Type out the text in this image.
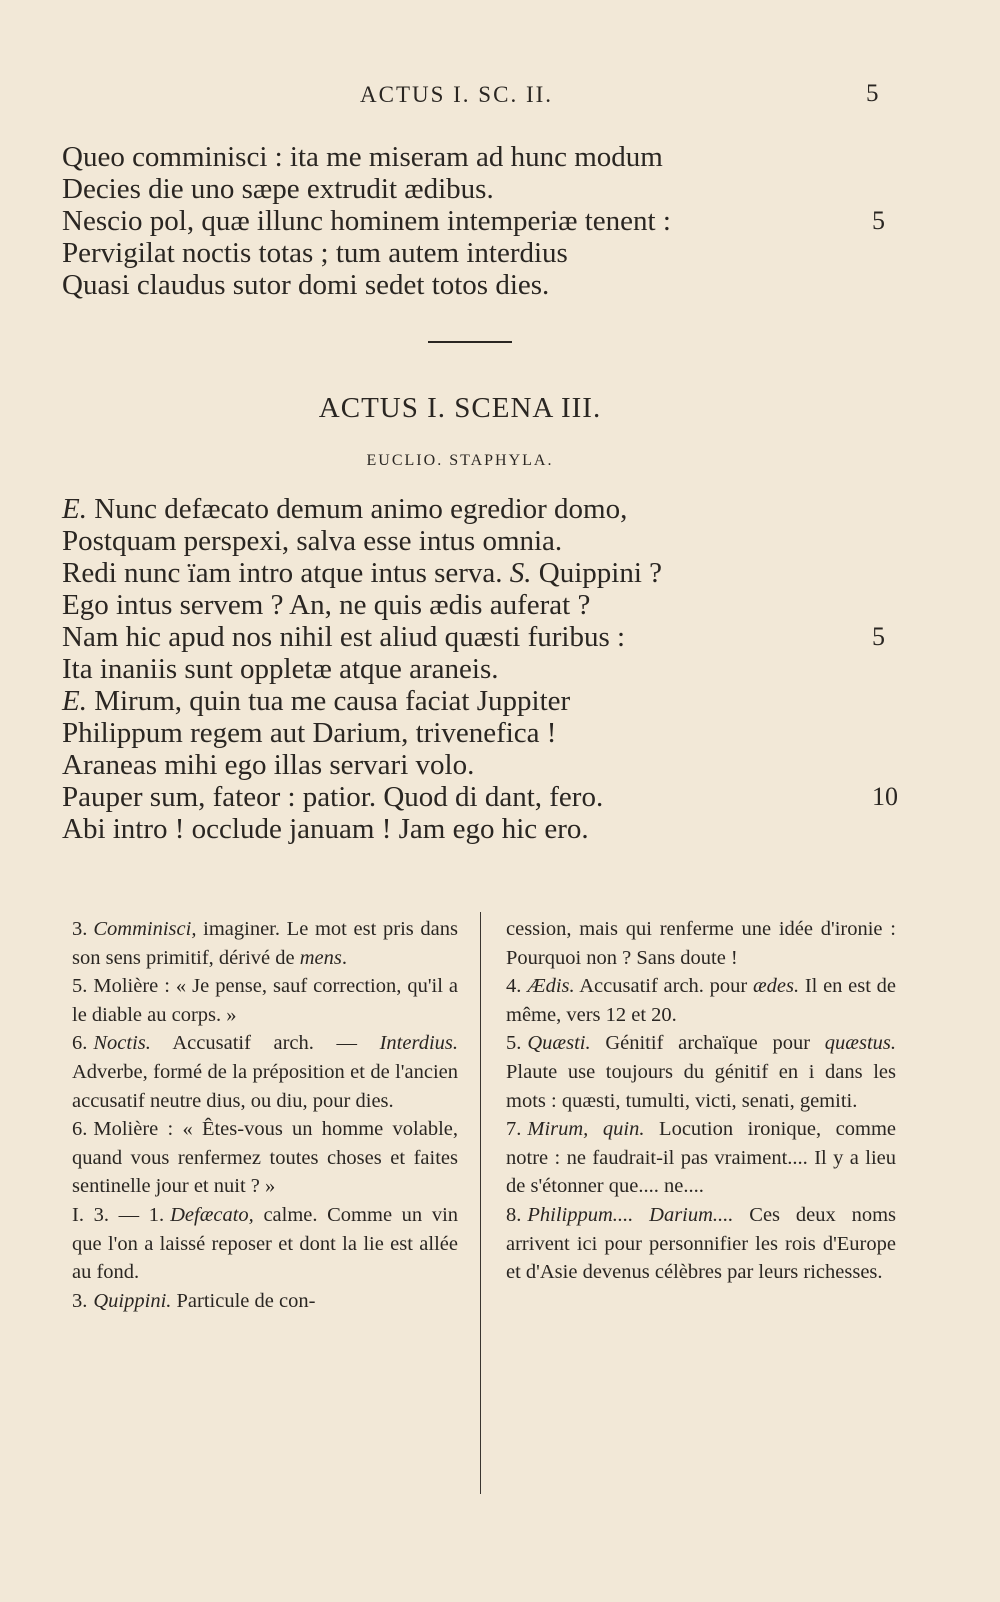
ACTUS I. SC. II.	5
Queo comminisci : ita me miseram ad hunc modum
Decies die uno sæpe extrudit ædibus.
Nescio pol, quæ illunc hominem intemperiæ tenent :	5
Pervigilat noctis totas ; tum autem interdius
Quasi claudus sutor domi sedet totos dies.
ACTUS I. SCENA III.
EUCLIO. STAPHYLA.
E. Nunc defæcato demum animo egredior domo,
Postquam perspexi, salva esse intus omnia.
Redi nunc ïam intro atque intus serva. S. Quippini ?
Ego intus servem ? An, ne quis ædis auferat ?
Nam hic apud nos nihil est aliud quæsti furibus :	5
Ita inaniis sunt oppletæ atque araneis.
E. Mirum, quin tua me causa faciat Juppiter
Philippum regem aut Darium, trivenefica !
Araneas mihi ego illas servari volo.
Pauper sum, fateor : patior. Quod di dant, fero.	10
Abi intro ! occlude januam ! Jam ego hic ero.

3. Comminisci, imaginer. Le mot est pris dans son sens primitif, dérivé de mens.

5. Molière : « Je pense, sauf correction, qu'il a le diable au corps. »

6. Noctis. Accusatif arch. — Interdius. Adverbe, formé de la préposition et de l'ancien accusatif neutre dius, ou diu, pour dies.

6. Molière : « Êtes-vous un homme volable, quand vous renfermez toutes choses et faites sentinelle jour et nuit ? »

I. 3. — 1. Defæcato, calme. Comme un vin que l'on a laissé reposer et dont la lie est allée au fond.

3. Quippini. Particule de con-

cession, mais qui renferme une idée d'ironie : Pourquoi non ? Sans doute !

4. Ædis. Accusatif arch. pour ædes. Il en est de même, vers 12 et 20.

5. Quæsti. Génitif archaïque pour quæstus. Plaute use toujours du génitif en i dans les mots : quæsti, tumulti, victi, senati, gemiti.

7. Mirum, quin. Locution ironique, comme notre : ne faudrait-il pas vraiment.... Il y a lieu de s'étonner que.... ne....

8. Philippum.... Darium.... Ces deux noms arrivent ici pour personnifier les rois d'Europe et d'Asie devenus célèbres par leurs richesses.
